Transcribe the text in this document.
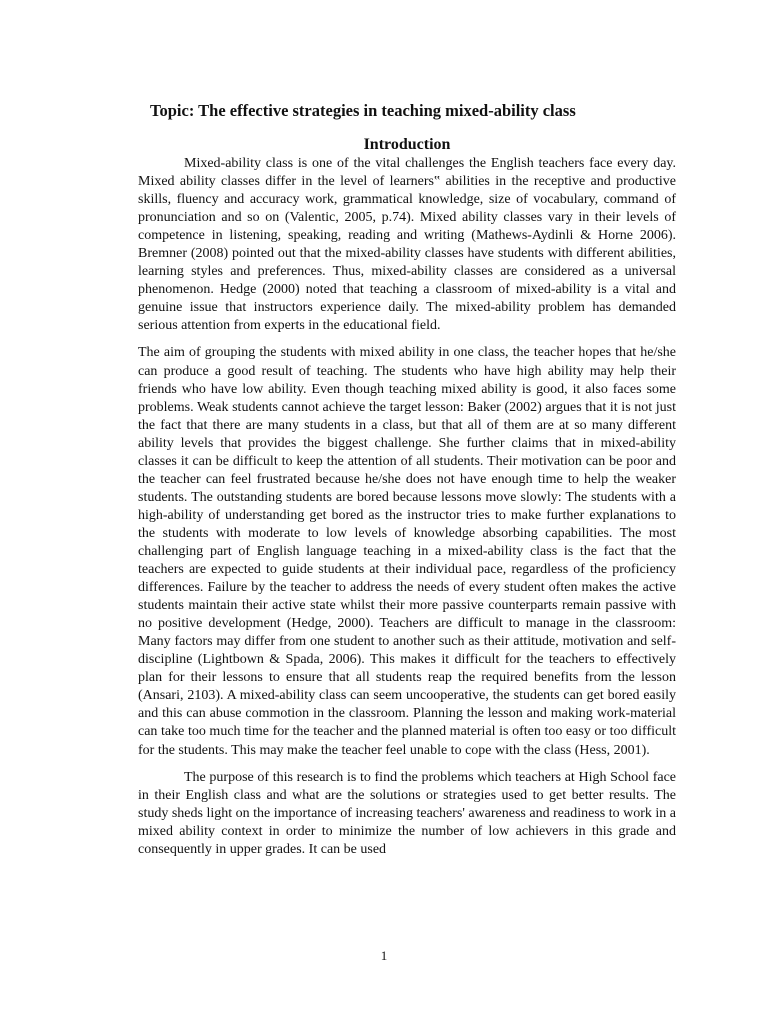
Topic: The effective strategies in teaching mixed-ability class
Introduction

Mixed-ability class is one of the vital challenges the English teachers face every day. Mixed ability classes differ in the level of learners‟ abilities in the receptive and productive skills, fluency and accuracy work, grammatical knowledge, size of vocabulary, command of pronunciation and so on (Valentic, 2005, p.74). Mixed ability classes vary in their levels of competence in listening, speaking, reading and writing (Mathews-Aydinli & Horne 2006). Bremner (2008) pointed out that the mixed-ability classes have students with different abilities, learning styles and preferences. Thus, mixed-ability classes are considered as a universal phenomenon. Hedge (2000) noted that teaching a classroom of mixed-ability is a vital and genuine issue that instructors experience daily. The mixed-ability problem has demanded serious attention from experts in the educational field.

The aim of grouping the students with mixed ability in one class, the teacher hopes that he/she can produce a good result of teaching. The students who have high ability may help their friends who have low ability. Even though teaching mixed ability is good, it also faces some problems. Weak students cannot achieve the target lesson: Baker (2002) argues that it is not just the fact that there are many students in a class, but that all of them are at so many different ability levels that provides the biggest challenge. She further claims that in mixed-ability classes it can be difficult to keep the attention of all students. Their motivation can be poor and the teacher can feel frustrated because he/she does not have enough time to help the weaker students. The outstanding students are bored because lessons move slowly: The students with a high-ability of understanding get bored as the instructor tries to make further explanations to the students with moderate to low levels of knowledge absorbing capabilities. The most challenging part of English language teaching in a mixed-ability class is the fact that the teachers are expected to guide students at their individual pace, regardless of the proficiency differences. Failure by the teacher to address the needs of every student often makes the active students maintain their active state whilst their more passive counterparts remain passive with no positive development (Hedge, 2000). Teachers are difficult to manage in the classroom: Many factors may differ from one student to another such as their attitude, motivation and self-discipline (Lightbown & Spada, 2006). This makes it difficult for the teachers to effectively plan for their lessons to ensure that all students reap the required benefits from the lesson (Ansari, 2103). A mixed-ability class can seem uncooperative, the students can get bored easily and this can abuse commotion in the classroom. Planning the lesson and making work-material can take too much time for the teacher and the planned material is often too easy or too difficult for the students. This may make the teacher feel unable to cope with the class (Hess, 2001).

The purpose of this research is to find the problems which teachers at High School face in their English class and what are the solutions or strategies used to get better results. The study sheds light on the importance of increasing teachers' awareness and readiness to work in a mixed ability context in order to minimize the number of low achievers in this grade and consequently in upper grades. It can be used

1
